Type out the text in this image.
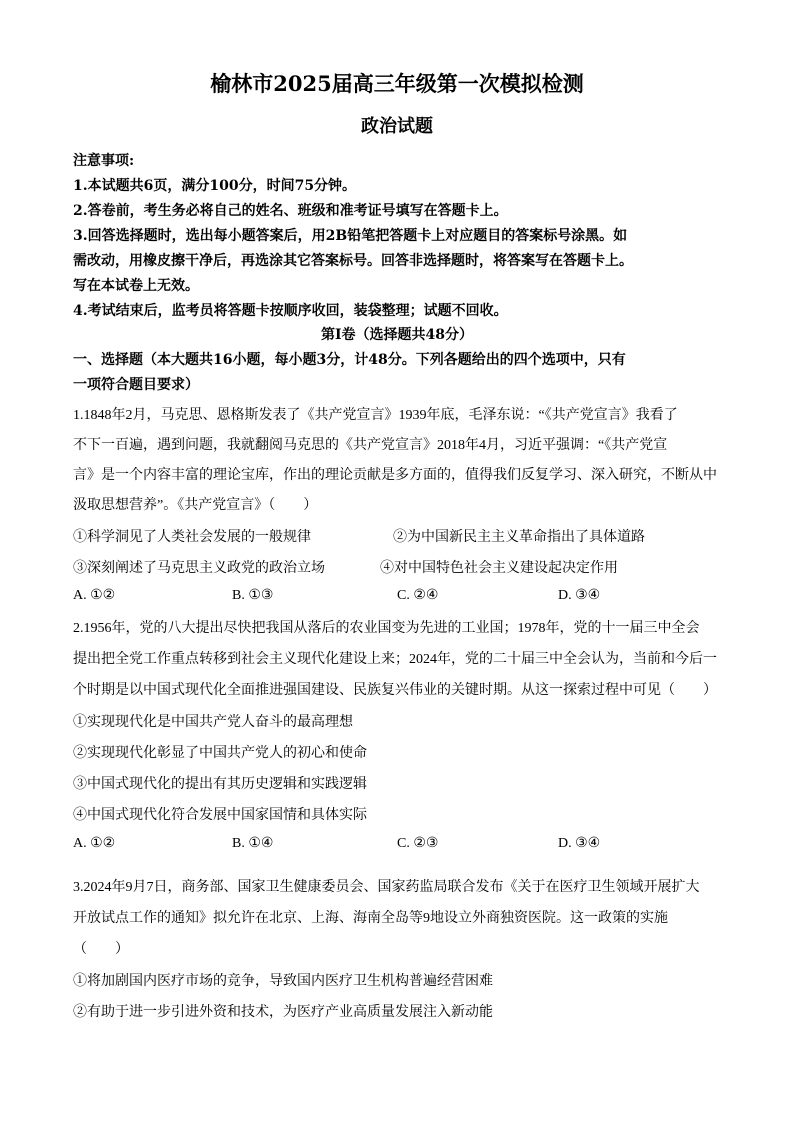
榆林市2025届高三年级第一次模拟检测
政治试题
注意事项:
1.本试题共6页，满分100分，时间75分钟。
2.答卷前，考生务必将自己的姓名、班级和准考证号填写在答题卡上。
3.回答选择题时，选出每小题答案后，用2B铅笔把答题卡上对应题目的答案标号涂黑。如
需改动，用橡皮擦干净后，再选涂其它答案标号。回答非选择题时，将答案写在答题卡上。
写在本试卷上无效。
4.考试结束后，监考员将答题卡按顺序收回，装袋整理；试题不回收。
第Ⅰ卷（选择题共48分）
一、选择题（本大题共16小题，每小题3分，计48分。下列各题给出的四个选项中，只有
一项符合题目要求）
1.1848年2月，马克思、恩格斯发表了《共产党宣言》1939年底，毛泽东说：“《共产党宣言》我看了
不下一百遍，遇到问题，我就翻阅马克思的《共产党宣言》2018年4月，习近平强调：“《共产党宣
言》是一个内容丰富的理论宝库，作出的理论贡献是多方面的，值得我们反复学习、深入研究，不断从中
汲取思想营养”。《共产党宣言》（　　）
①科学洞见了人类社会发展的一般规律	②为中国新民主主义革命指出了具体道路
③深刻阐述了马克思主义政党的政治立场	④对中国特色社会主义建设起决定作用
A. ①②	B. ①③	C. ②④	D. ③④
2.1956年，党的八大提出尽快把我国从落后的农业国变为先进的工业国；1978年，党的十一届三中全会
提出把全党工作重点转移到社会主义现代化建设上来；2024年，党的二十届三中全会认为，当前和今后一
个时期是以中国式现代化全面推进强国建设、民族复兴伟业的关键时期。从这一探索过程中可见（　　）
①实现现代化是中国共产党人奋斗的最高理想
②实现现代化彰显了中国共产党人的初心和使命
③中国式现代化的提出有其历史逻辑和实践逻辑
④中国式现代化符合发展中国家国情和具体实际
A. ①②	B. ①④	C. ②③	D. ③④
3.2024年9月7日，商务部、国家卫生健康委员会、国家药监局联合发布《关于在医疗卫生领域开展扩大
开放试点工作的通知》拟允许在北京、上海、海南全岛等9地设立外商独资医院。这一政策的实施
（　　）
①将加剧国内医疗市场的竞争，导致国内医疗卫生机构普遍经营困难
②有助于进一步引进外资和技术，为医疗产业高质量发展注入新动能
